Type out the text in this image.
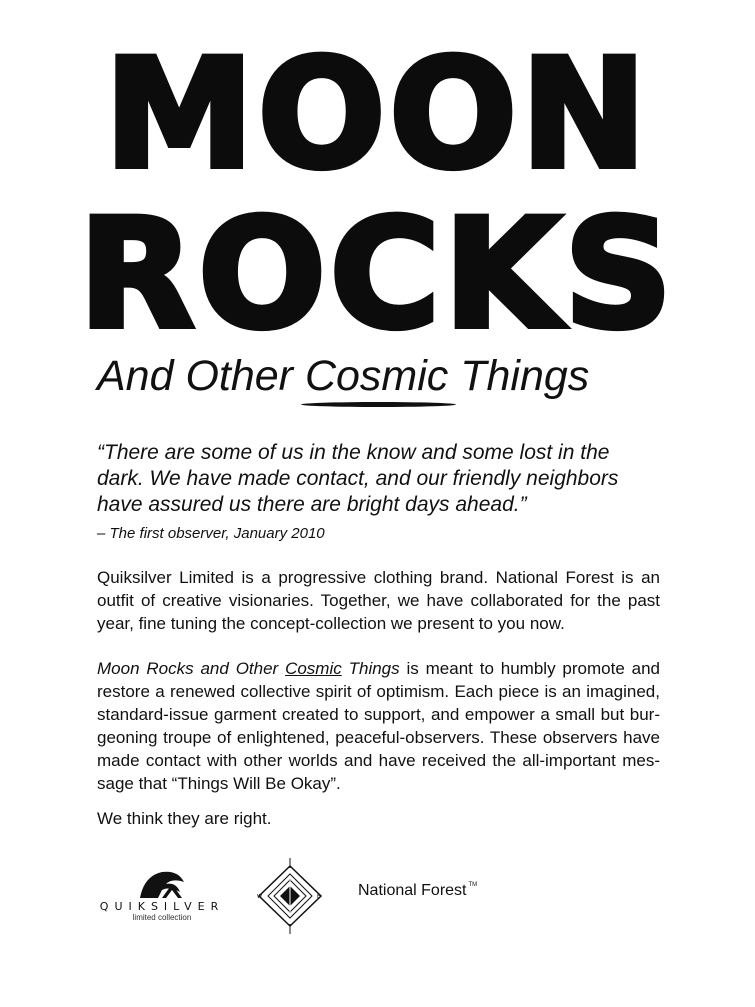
MOON
ROCKS
And Other Cosmic Things

“There are some of us in the know and some lost in the dark. We have made contact, and our friendly neighbors have assured us there are bright days ahead.”

– The first observer, January 2010

Quiksilver Limited is a progressive clothing brand. National Forest is an outfit of creative visionaries. Together, we have collaborated for the past year, fine tuning the concept-collection we present to you now.

Moon Rocks and Other Cosmic Things is meant to humbly promote and restore a renewed collective spirit of optimism. Each piece is an imagined, standard-issue garment created to support, and empower a small but burgeoning troupe of enlightened, peaceful-observers. These observers have made contact with other worlds and have received the all-important message that “Things Will Be Okay”.

We think they are right.

QUIKSILVER
limited collection
W	E National Forest ™
